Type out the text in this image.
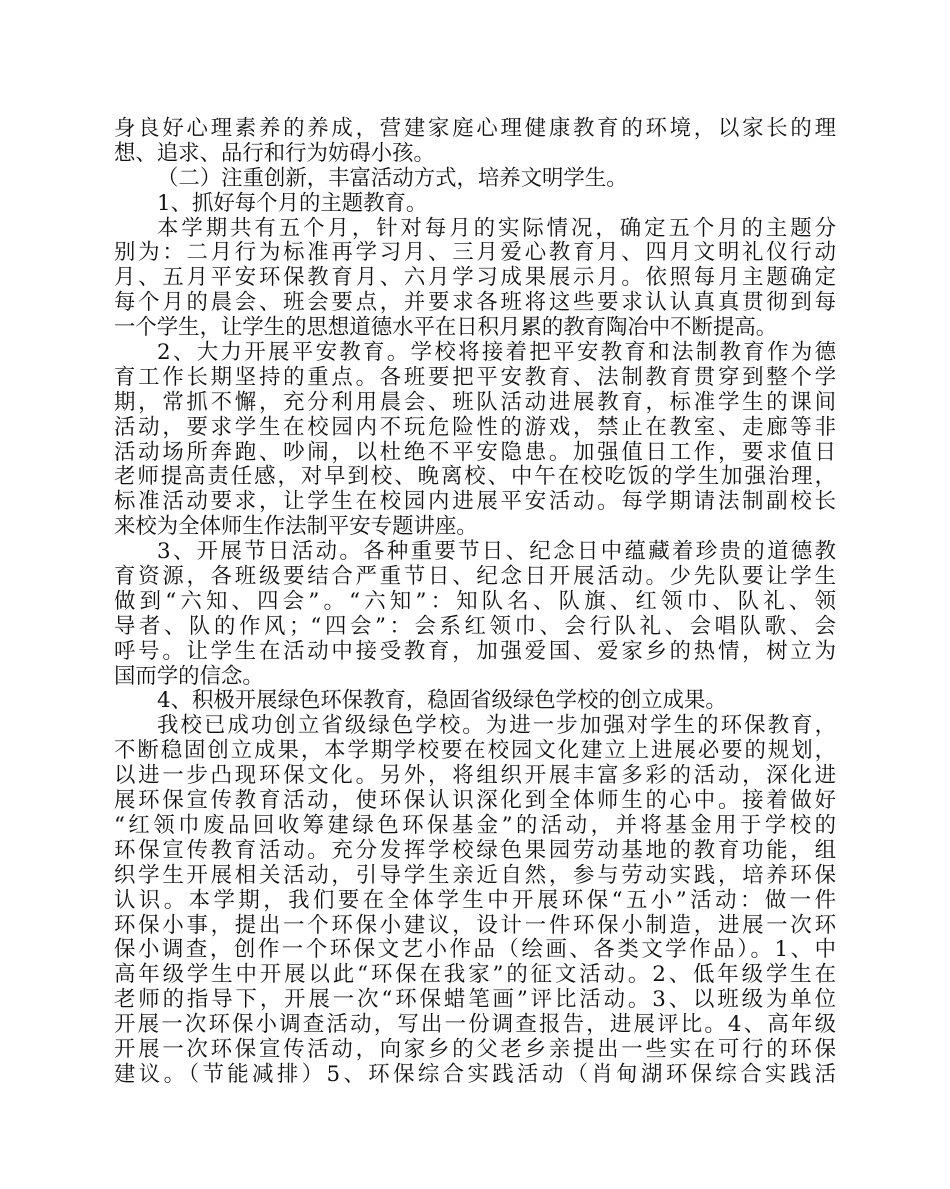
身良好心理素养的养成，营建家庭心理健康教育的环境，以家长的理
想、追求、品行和行为妨碍小孩。
（二）注重创新，丰富活动方式，培养文明学生。
1、抓好每个月的主题教育。
本学期共有五个月，针对每月的实际情况，确定五个月的主题分
别为：二月行为标准再学习月、三月爱心教育月、四月文明礼仪行动
月、五月平安环保教育月、六月学习成果展示月。依照每月主题确定
每个月的晨会、班会要点，并要求各班将这些要求认认真真贯彻到每
一个学生，让学生的思想道德水平在日积月累的教育陶冶中不断提高。
2、大力开展平安教育。学校将接着把平安教育和法制教育作为德
育工作长期坚持的重点。各班要把平安教育、法制教育贯穿到整个学
期，常抓不懈，充分利用晨会、班队活动进展教育，标准学生的课间
活动，要求学生在校园内不玩危险性的游戏，禁止在教室、走廊等非
活动场所奔跑、吵闹，以杜绝不平安隐患。加强值日工作，要求值日
老师提高责任感，对早到校、晚离校、中午在校吃饭的学生加强治理，
标准活动要求，让学生在校园内进展平安活动。每学期请法制副校长
来校为全体师生作法制平安专题讲座。
3、开展节日活动。各种重要节日、纪念日中蕴藏着珍贵的道德教
育资源，各班级要结合严重节日、纪念日开展活动。少先队要让学生
做到“六知、四会”。“六知”：知队名、队旗、红领巾、队礼、领
导者、队的作风；“四会”：会系红领巾、会行队礼、会唱队歌、会
呼号。让学生在活动中接受教育，加强爱国、爱家乡的热情，树立为
国而学的信念。
4、积极开展绿色环保教育，稳固省级绿色学校的创立成果。
我校已成功创立省级绿色学校。为进一步加强对学生的环保教育，
不断稳固创立成果，本学期学校要在校园文化建立上进展必要的规划，
以进一步凸现环保文化。另外，将组织开展丰富多彩的活动，深化进
展环保宣传教育活动，使环保认识深化到全体师生的心中。接着做好
“红领巾废品回收筹建绿色环保基金”的活动，并将基金用于学校的
环保宣传教育活动。充分发挥学校绿色果园劳动基地的教育功能，组
织学生开展相关活动，引导学生亲近自然，参与劳动实践，培养环保
认识。本学期，我们要在全体学生中开展环保“五小”活动：做一件
环保小事，提出一个环保小建议，设计一件环保小制造，进展一次环
保小调查，创作一个环保文艺小作品（绘画、各类文学作品）。1、中
高年级学生中开展以此“环保在我家”的征文活动。2、低年级学生在
老师的指导下，开展一次“环保蜡笔画”评比活动。3、以班级为单位
开展一次环保小调查活动，写出一份调查报告，进展评比。4、高年级
开展一次环保宣传活动，向家乡的父老乡亲提出一些实在可行的环保
建议。（节能减排）5、环保综合实践活动（肖甸湖环保综合实践活
